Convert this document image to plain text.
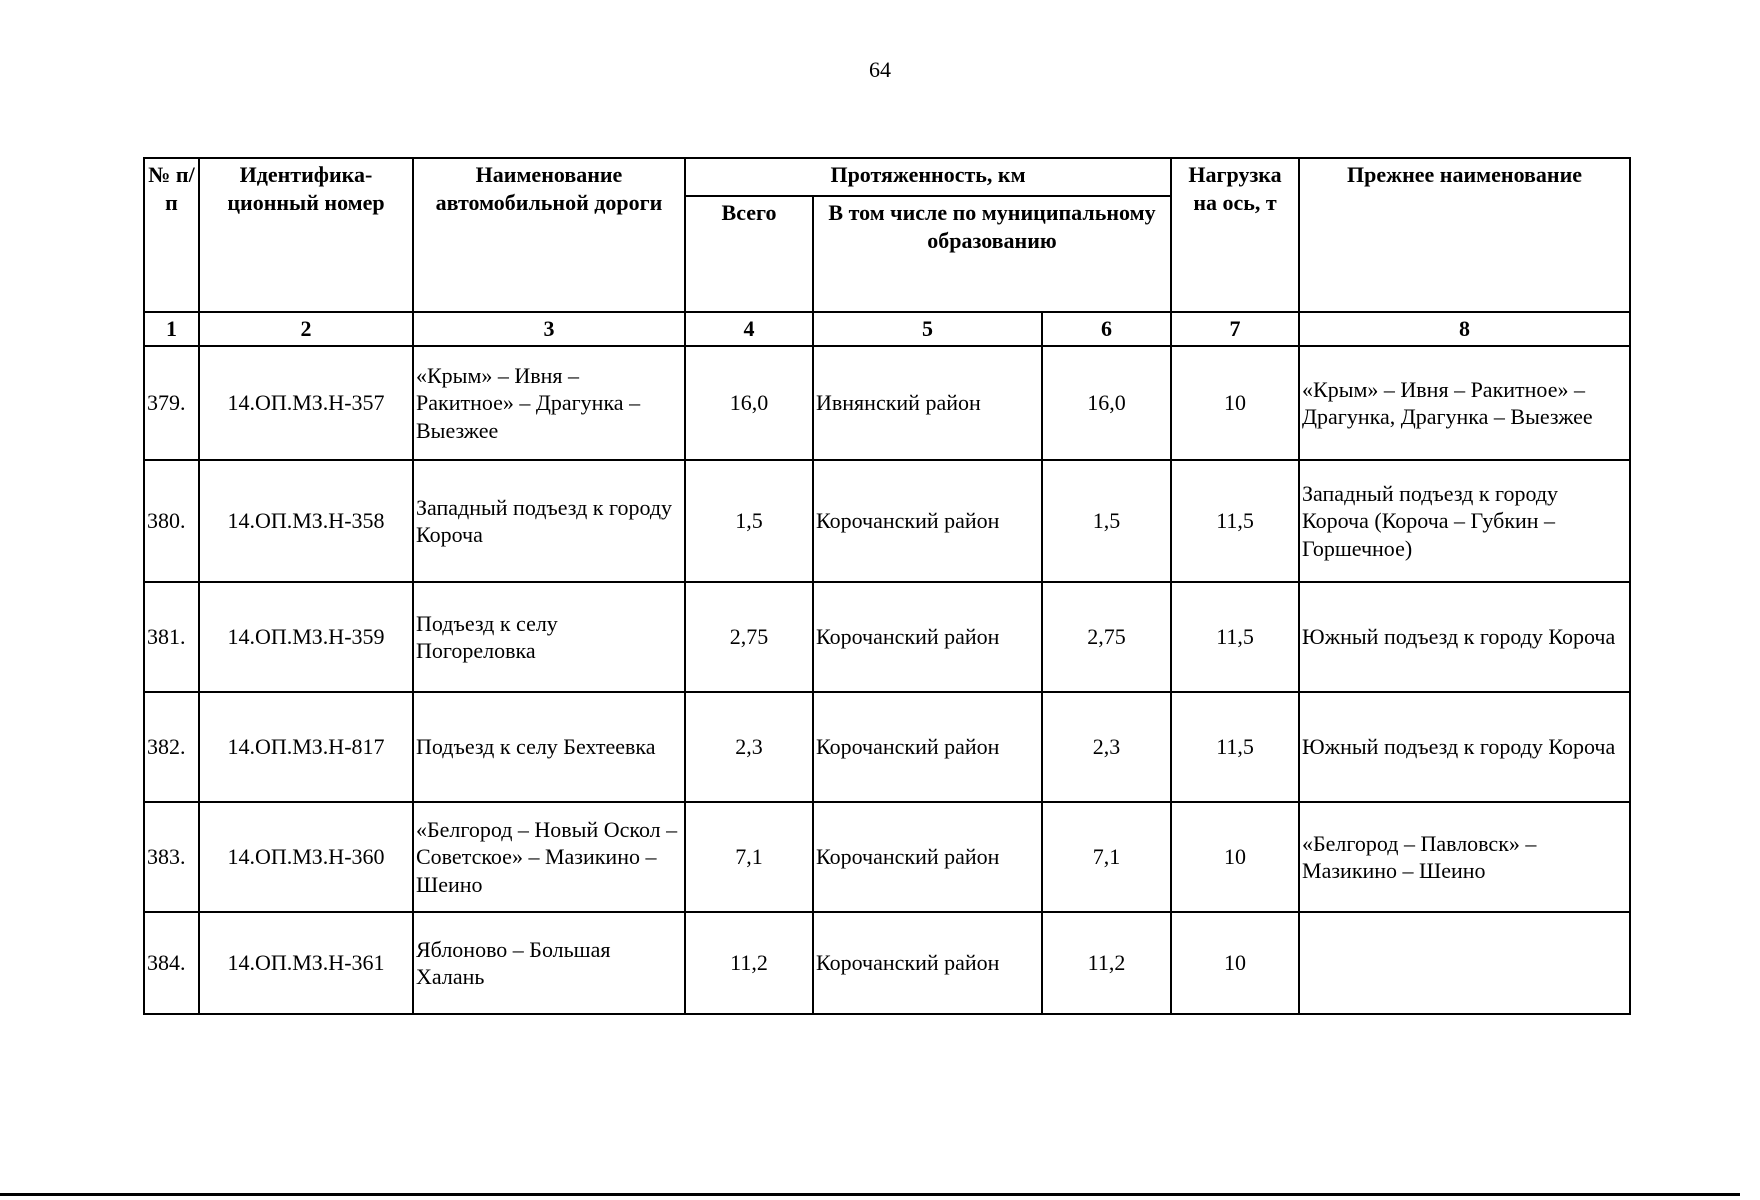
64
№ п/п	Идентифика-ционный номер	Наименование автомобильной дороги	Протяженность, км			Нагрузка на ось, т	Прежнее наименование
			Всего	В том числе по муниципальному образованию			
1	2	3	4	5	6	7	8
379.	14.ОП.МЗ.Н-357	«Крым» – Ивня – Ракитное» – Драгунка – Выезжее	16,0	Ивнянский район	16,0	10	«Крым» – Ивня – Ракитное» – Драгунка, Драгунка – Выезжее
380.	14.ОП.МЗ.Н-358	Западный подъезд к городу Короча	1,5	Корочанский район	1,5	11,5	Западный подъезд к городу Короча (Короча – Губкин – Горшечное)
381.	14.ОП.МЗ.Н-359	Подъезд к селу Погореловка	2,75	Корочанский район	2,75	11,5	Южный подъезд к городу Короча
382.	14.ОП.МЗ.Н-817	Подъезд к селу Бехтеевка	2,3	Корочанский район	2,3	11,5	Южный подъезд к городу Короча
383.	14.ОП.МЗ.Н-360	«Белгород – Новый Оскол – Советское» – Мазикино – Шеино	7,1	Корочанский район	7,1	10	«Белгород – Павловск» – Мазикино – Шеино
384.	14.ОП.МЗ.Н-361	Яблоново – Большая Халань	11,2	Корочанский район	11,2	10	
